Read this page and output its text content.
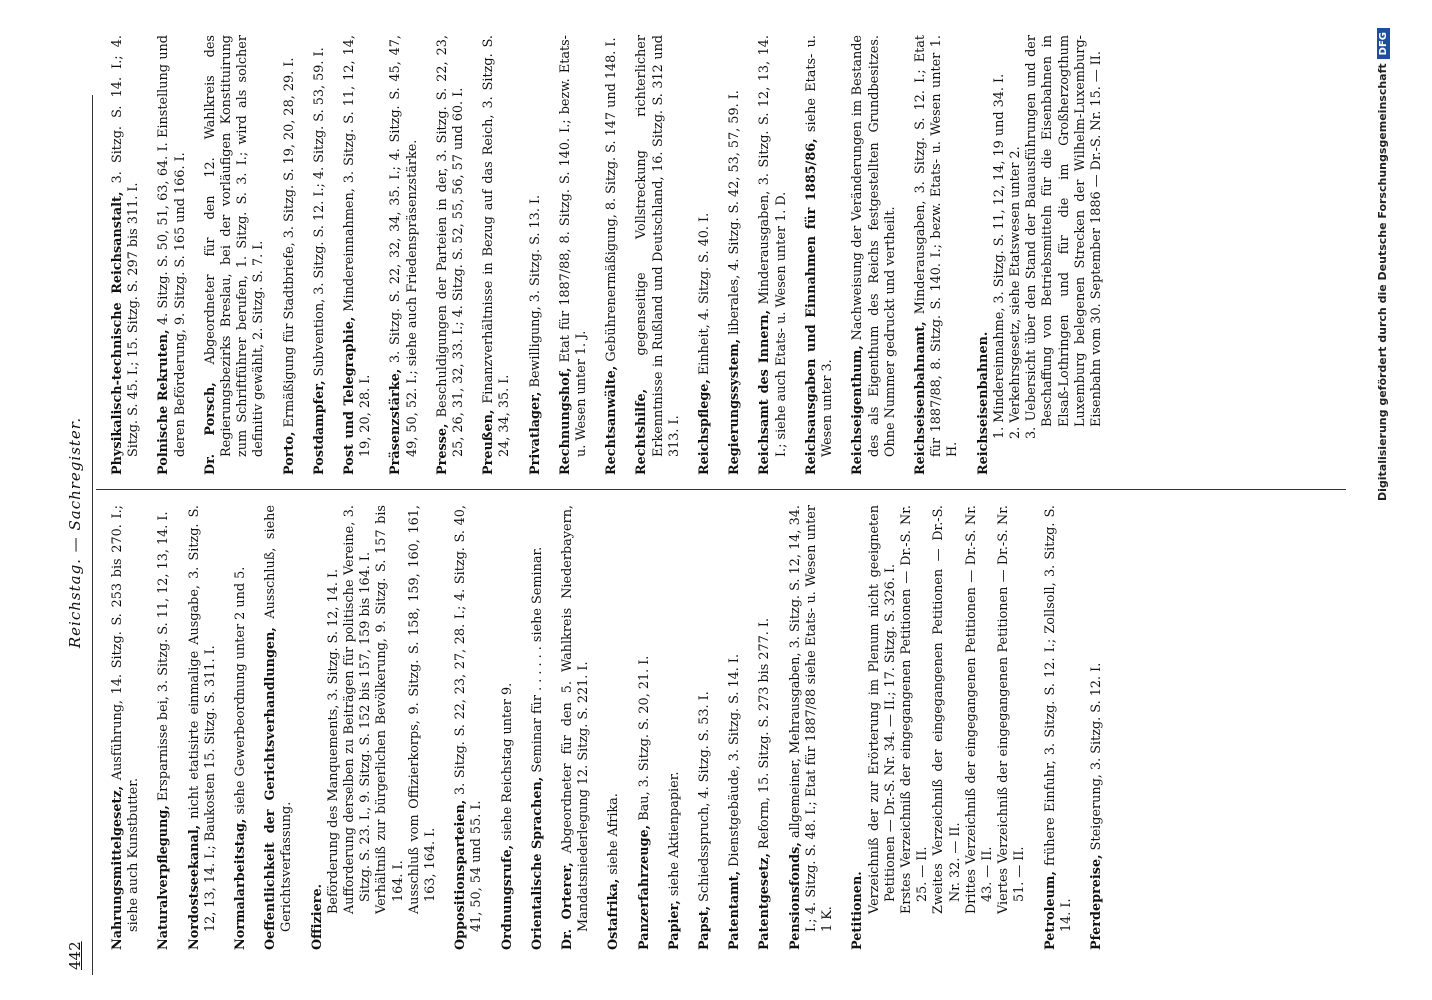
442
Reichstag. — Sachregister.
Nahrungsmittelgesetz, Ausführung, 14. Sitzg. S. 253 bis 270. I.; siehe auch Kunstbutter. Naturalverpflegung, Ersparnisse bei, 3. Sitzg. S. 11, 12, 13, 14. I.
Nordostseekanal, nicht etatisirte einmalige Ausgabe, 3. Sitzg. S. 12, 13, 14. I.; Baukosten 15. Sitzg. S. 311. I. Normalarbeitstag, siehe Gewerbeordnung unter 2 und 5. Oeffentlichkeit der Gerichtsverhandlungen, Ausschluß, siehe Gerichtsverfassung. Offiziere.
Beförderung des Manquements, 3. Sitzg. S. 12, 14. I. Aufforderung derselben zu Beiträgen für politische Vereine, 3. Sitzg. S. 23. I., 9. Sitzg. S. 152 bis 157, 159 bis 164. I. Verhältniß zur bürgerlichen Bevölkerung, 9. Sitzg. S. 157 bis 164. I. Ausschluß vom Offizierkorps, 9. Sitzg. S. 158, 159, 160, 161, 163, 164. I. Oppositionsparteien, 3. Sitzg. S. 22, 23, 27, 28. I.; 4. Sitzg. S. 40, 41, 50, 54 und 55. I. Ordnungsrufe, siehe Reichstag unter 9.
Orientalische Sprachen, Seminar für . . . . . . siehe Seminar.
Dr. Orterer, Abgeordneter für den 5. Wahlkreis Niederbayern, Mandatsniederlegung 12. Sitzg. S. 221. I. Ostafrika, siehe Afrika. Panzerfahrzeuge, Bau, 3. Sitzg. S. 20, 21. I.
Papier, siehe Aktienpapier.
Papst, Schiedsspruch, 4. Sitzg. S. 53. I.
Patentamt, Dienstgebäude, 3. Sitzg. S. 14. I.
Patentgesetz, Reform, 15. Sitzg. S. 273 bis 277. I.
Pensionsfonds, allgemeiner, Mehrausgaben, 3. Sitzg. S. 12, 14, 34. I.; 4. Sitzg. S. 48. I.; Etat für 1887/88 siehe Etats- u. Wesen unter 1 K. Petitionen. Verzeichniß der zur Erörterung im Plenum nicht geeigneten Petitionen — Dr.-S. Nr. 34. — II.; 17. Sitzg. S. 326. I. Erstes Verzeichniß der eingegangenen Petitionen — Dr.-S. Nr. 25. — II. Zweites Verzeichniß der eingegangenen Petitionen — Dr.-S. Nr. 32. — II. Drittes Verzeichniß der eingegangenen Petitionen — Dr.-S. Nr. 43. — II. Viertes Verzeichniß der eingegangenen Petitionen — Dr.-S. Nr. 51. — II. Petroleum, frühere Einfuhr, 3. Sitzg. S. 12. I.; Zollsoll, 3. Sitzg. S. 14. I. Pferdepreise, Steigerung, 3. Sitzg. S. 12. I.
Physikalisch-technische Reichsanstalt, 3. Sitzg. S. 14. I.; 4. Sitzg. S. 45. I.; 15. Sitzg. S. 297 bis 311. I. Polnische Rekruten, 4. Sitzg. S. 50, 51, 63, 64. I. Einstellung und deren Beförderung, 9. Sitzg. S. 165 und 166. I. Dr. Porsch, Abgeordneter für den 12. Wahlkreis des Regierungsbezirks Breslau, bei der vorläufigen Konstituirung zum Schriftführer berufen, 1. Sitzg. S. 3. I.; wird als solcher definitiv gewählt, 2. Sitzg. S. 7. I. Porto, Ermäßigung für Stadtbriefe, 3. Sitzg. S. 19, 20, 28, 29. I. Postdampfer, Subvention, 3. Sitzg. S. 12. I.; 4. Sitzg. S. 53, 59. I.
Post und Telegraphie, Mindereinnahmen, 3. Sitzg. S. 11, 12, 14, 19, 20, 28. I. Präsenzstärke, 3. Sitzg. S. 22, 32, 34, 35. I.; 4. Sitzg. S. 45, 47, 49, 50, 52. I.; siehe auch Friedenspräsenzstärke. Presse, Beschuldigungen der Parteien in der, 3. Sitzg. S. 22, 23, 25, 26, 31, 32, 33. I.; 4. Sitzg. S. 52, 55, 56, 57 und 60. I. Preußen, Finanzverhältnisse in Bezug auf das Reich, 3. Sitzg. S. 24, 34, 35. I. Privatlager, Bewilligung, 3. Sitzg. S. 13. I.
Rechnungshof, Etat für 1887/88, 8. Sitzg. S. 140. I.; bezw. Etats- u. Wesen unter 1. J. Rechtsanwälte, Gebührenermäßigung, 8. Sitzg. S. 147 und 148. I.
Rechtshilfe, gegenseitige Vollstreckung richterlicher Erkenntnisse in Rußland und Deutschland, 16. Sitzg. S. 312 und 313. I. Reichspflege, Einheit, 4. Sitzg. S. 40. I.
Regierungssystem, liberales, 4. Sitzg. S. 42, 53, 57, 59. I.
Reichsamt des Innern, Minderausgaben, 3. Sitzg. S. 12, 13, 14. I.; siehe auch Etats- u. Wesen unter 1. D. Reichsausgaben und Einnahmen für 1885/86, siehe Etats- u. Wesen unter 3. Reichseigenthum, Nachweisung der Veränderungen im Bestande des als Eigenthum des Reichs festgestellten Grundbesitzes. Ohne Nummer gedruckt und vertheilt. Reichseisenbahnamt, Minderausgaben, 3. Sitzg. S. 12. I.; Etat für 1887/88, 8. Sitzg. S. 140. I.; bezw. Etats- u. Wesen unter 1. H. Reichseisenbahnen. 1. Mindereinnahme, 3. Sitzg. S. 11, 12, 14, 19 und 34. I. 2. Verkehrsgesetz, siehe Etatswesen unter 2. 3. Uebersicht über den Stand der Bauausführungen und der Beschaffung von Betriebsmitteln für die Eisenbahnen in Elsaß-Lothringen und für die im Großherzogthum Luxemburg belegenen Strecken der Wilhelm-Luxemburg-Eisenbahn vom 30. September 1886 — Dr.-S. Nr. 15. — II.	Digitalisierung gefördert durch die Deutsche ForschungsgemeinschaftDFG
